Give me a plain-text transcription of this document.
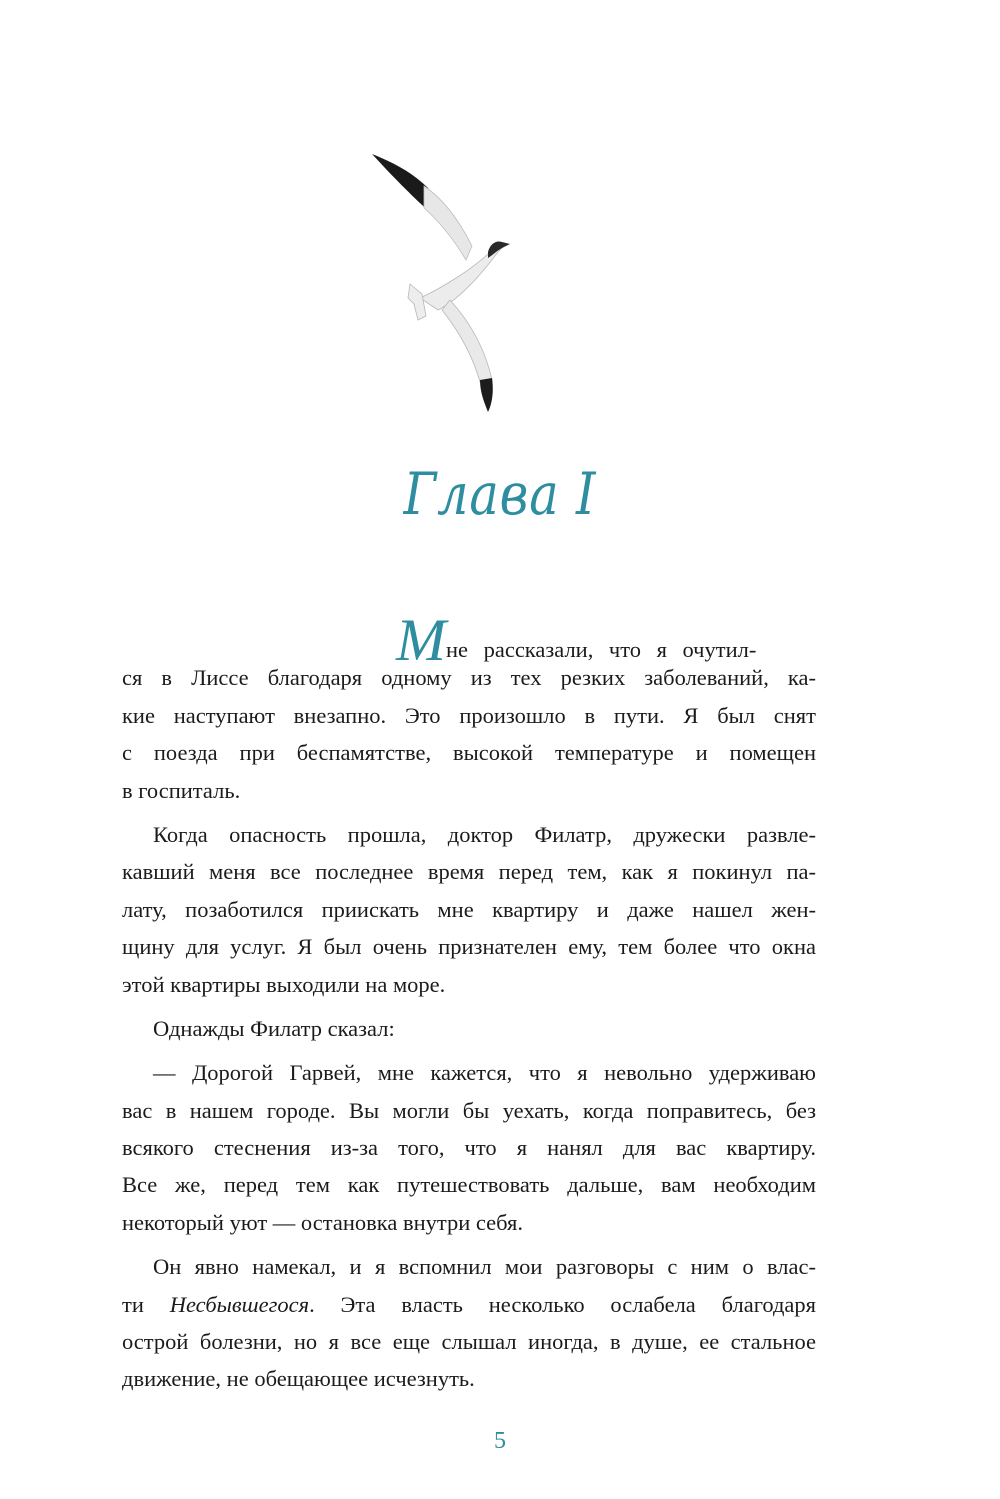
Глава I
Мне рассказали, что я очутил-
ся в Лиссе благодаря одному из тех резких заболеваний, ка-
кие наступают внезапно. Это произошло в пути. Я был снят
с поезда при беспамятстве, высокой температуре и помещен
в госпиталь.
Когда опасность прошла, доктор Филатр, дружески развле-
кавший меня все последнее время перед тем, как я покинул па-
лату, позаботился приискать мне квартиру и даже нашел жен-
щину для услуг. Я был очень признателен ему, тем более что окна
этой квартиры выходили на море.
Однажды Филатр сказал:
— Дорогой Гарвей, мне кажется, что я невольно удерживаю
вас в нашем городе. Вы могли бы уехать, когда поправитесь, без
всякого стеснения из-за того, что я нанял для вас квартиру.
Все же, перед тем как путешествовать дальше, вам необходим
некоторый уют — остановка внутри себя.
Он явно намекал, и я вспомнил мои разговоры с ним о влас-
ти Несбывшегося. Эта власть несколько ослабела благодаря
острой болезни, но я все еще слышал иногда, в душе, ее стальное
движение, не обещающее исчезнуть.
5
